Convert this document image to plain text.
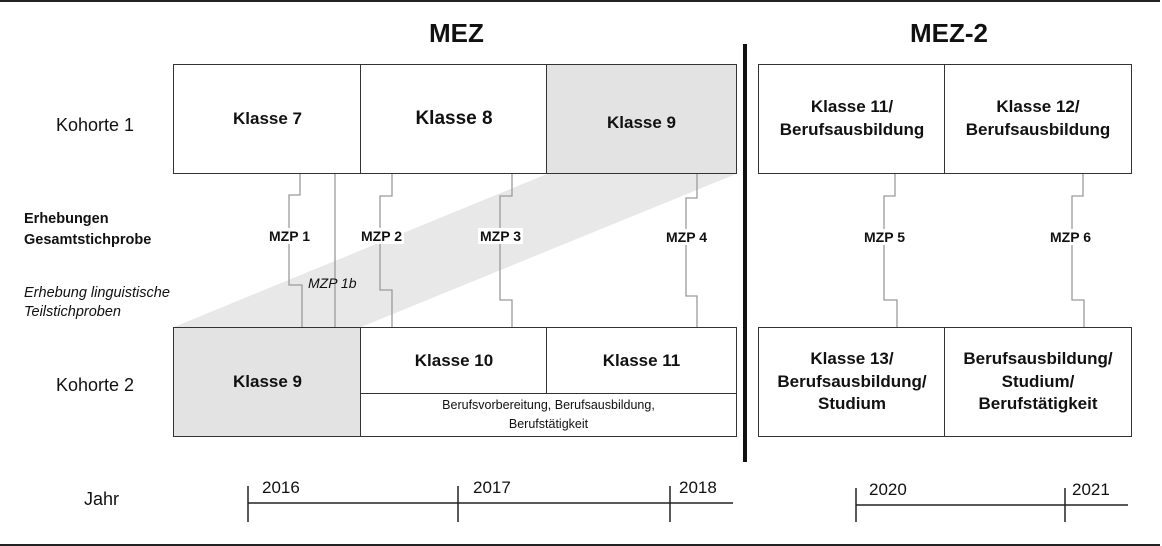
MEZ	MEZ-2
Kohorte 1
Erhebungen
Gesamtstichprobe
Erhebung linguistische
Teilstichproben
Kohorte 2
Jahr
Klasse 7	Klasse 8	Klasse 9
Klasse 11/
Berufsausbildung
Klasse 12/
Berufsausbildung
MZP 1	MZP 2	MZP 3	MZP 4	MZP 5	MZP 6
MZP 1b
Klasse 9
Klasse 10	Klasse 11
Berufsvorbereitung, Berufsausbildung,
Berufstätigkeit
Klasse 13/
Berufsausbildung/
Studium
Berufsausbildung/
Studium/
Berufstätigkeit
2016	2017	2018	2020	2021
